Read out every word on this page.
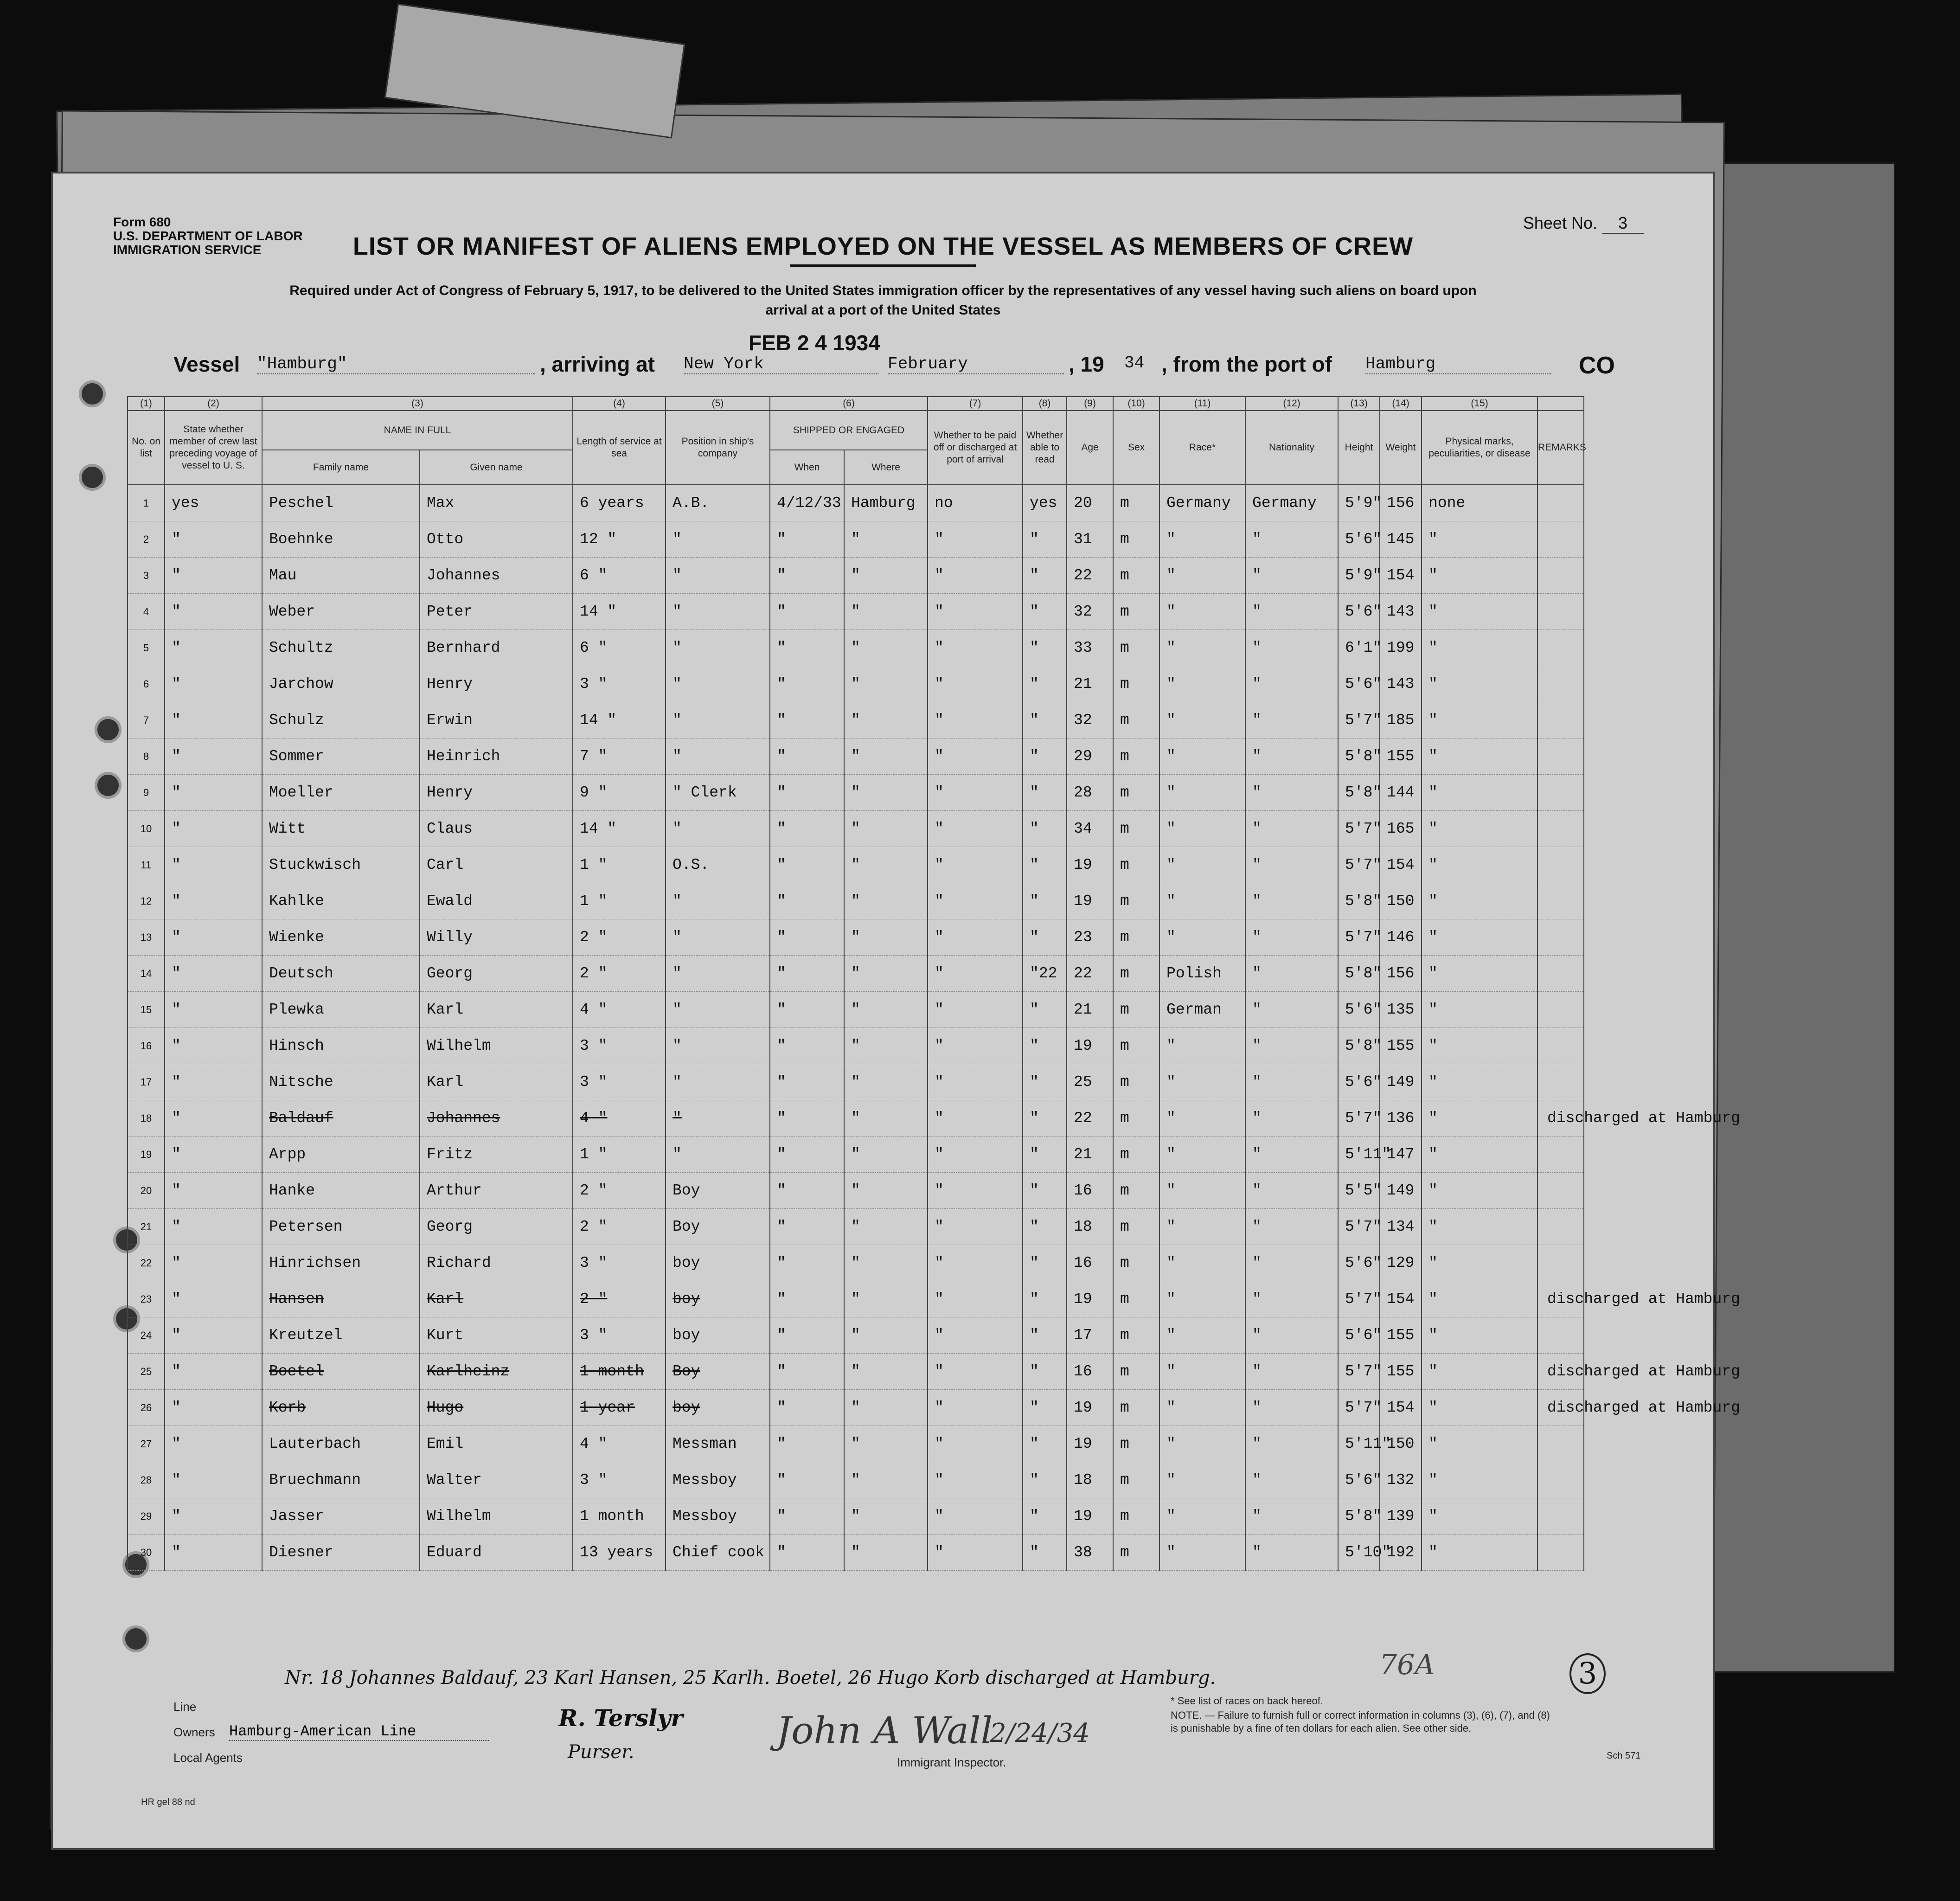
Form 680
U.S. DEPARTMENT OF LABOR
IMMIGRATION SERVICE
Sheet No. 3
LIST OR MANIFEST OF ALIENS EMPLOYED ON THE VESSEL AS MEMBERS OF CREW
Required under Act of Congress of February 5, 1917, to be delivered to the United States immigration officer by the representatives of any vessel having such aliens on board upon arrival at a port of the United States
FEB 2 4 1934
Vessel "Hamburg"	, arriving at New York	February	, 19 34 , from the port of Hamburg	CO
(1)	(2)	(3)		(4)	(5)	(6)		(7)	(8)	(9)	(10)	(11)	(12)	(13)	(14)	(15)	
No. on list	State whether member of crew last preceding voyage of vessel to U. S.	NAME IN FULL		Length of service at sea	Position in ship's company	SHIPPED OR ENGAGED		Whether to be paid off or discharged at port of arrival	Whether able to read	Age	Sex	Race*	Nationality	Height	Weight	Physical marks, peculiarities, or disease	REMARKS
		Family name	Given name			When	Where										
1	yes	Peschel	Max	6 years	A.B.	4/12/33	Hamburg	no	yes	20	m	Germany	Germany	5'9"	156	none	
2	"	Boehnke	Otto	12 "	"	"	"	"	"	31	m	"	"	5'6"	145	"	
3	"	Mau	Johannes	6 "	"	"	"	"	"	22	m	"	"	5'9"	154	"	
4	"	Weber	Peter	14 "	"	"	"	"	"	32	m	"	"	5'6"	143	"	
5	"	Schultz	Bernhard	6 "	"	"	"	"	"	33	m	"	"	6'1"	199	"	
6	"	Jarchow	Henry	3 "	"	"	"	"	"	21	m	"	"	5'6"	143	"	
7	"	Schulz	Erwin	14 "	"	"	"	"	"	32	m	"	"	5'7"	185	"	
8	"	Sommer	Heinrich	7 "	"	"	"	"	"	29	m	"	"	5'8"	155	"	
9	"	Moeller	Henry	9 "	" Clerk	"	"	"	"	28	m	"	"	5'8"	144	"	
10	"	Witt	Claus	14 "	"	"	"	"	"	34	m	"	"	5'7"	165	"	
11	"	Stuckwisch	Carl	1 "	O.S.	"	"	"	"	19	m	"	"	5'7"	154	"	
12	"	Kahlke	Ewald	1 "	"	"	"	"	"	19	m	"	"	5'8"	150	"	
13	"	Wienke	Willy	2 "	"	"	"	"	"	23	m	"	"	5'7"	146	"	
14	"	Deutsch	Georg	2 "	"	"	"	"	"22	22	m	Polish	"	5'8"	156	"	
15	"	Plewka	Karl	4 "	"	"	"	"	"	21	m	German	"	5'6"	135	"	
16	"	Hinsch	Wilhelm	3 "	"	"	"	"	"	19	m	"	"	5'8"	155	"	
17	"	Nitsche	Karl	3 "	"	"	"	"	"	25	m	"	"	5'6"	149	"	
18	"	Baldauf	Johannes	4 "	"	"	"	"	"	22	m	"	"	5'7"	136	"	discharged at Hamburg
19	"	Arpp	Fritz	1 "	"	"	"	"	"	21	m	"	"	5'11"	147	"	
20	"	Hanke	Arthur	2 "	Boy	"	"	"	"	16	m	"	"	5'5"	149	"	
21	"	Petersen	Georg	2 "	Boy	"	"	"	"	18	m	"	"	5'7"	134	"	
22	"	Hinrichsen	Richard	3 "	boy	"	"	"	"	16	m	"	"	5'6"	129	"	
23	"	Hansen	Karl	2 "	boy	"	"	"	"	19	m	"	"	5'7"	154	"	discharged at Hamburg
24	"	Kreutzel	Kurt	3 "	boy	"	"	"	"	17	m	"	"	5'6"	155	"	
25	"	Boetel	Karlheinz	1 month	Boy	"	"	"	"	16	m	"	"	5'7"	155	"	discharged at Hamburg
26	"	Korb	Hugo	1 year	boy	"	"	"	"	19	m	"	"	5'7"	154	"	discharged at Hamburg
27	"	Lauterbach	Emil	4 "	Messman	"	"	"	"	19	m	"	"	5'11"	150	"	
28	"	Bruechmann	Walter	3 "	Messboy	"	"	"	"	18	m	"	"	5'6"	132	"	
29	"	Jasser	Wilhelm	1 month	Messboy	"	"	"	"	19	m	"	"	5'8"	139	"	
30	"	Diesner	Eduard	13 years	Chief cook	"	"	"	"	38	m	"	"	5'10"	192	"	
Nr. 18 Johannes Baldauf, 23 Karl Hansen, 25 Karlh. Boetel, 26 Hugo Korb discharged at Hamburg.
Line
Owners Hamburg-American Line
Local Agents
R. Terslyr
Purser.	John A Wall
2/24/34
Immigrant Inspector.
* See list of races on back hereof.
NOTE. — Failure to furnish full or correct information in columns (3), (6), (7), and (8) is punishable by a fine of ten dollars for each alien. See other side.
76A	3
Sch 571
HR gel 88 nd
